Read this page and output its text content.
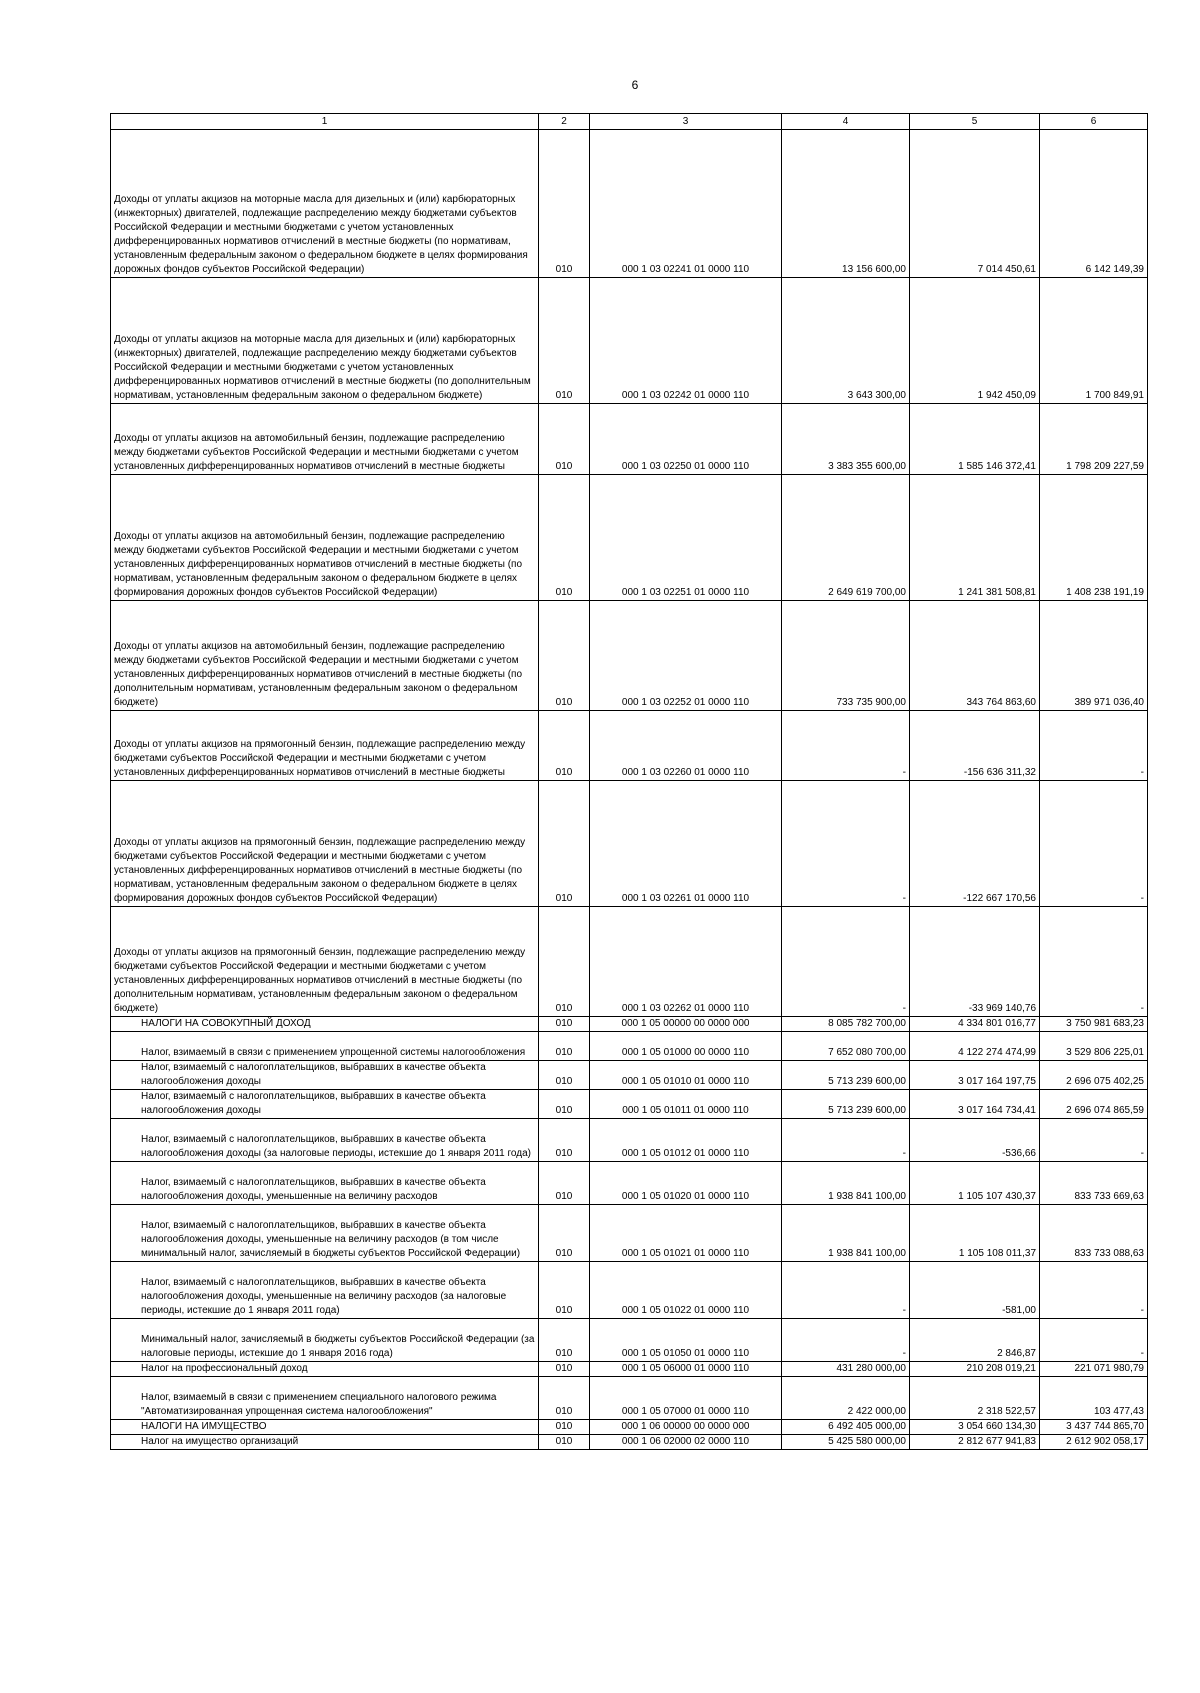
6
1	2	3	4	5	6
Доходы от уплаты акцизов на моторные масла для дизельных и (или) карбюраторных (инжекторных) двигателей, подлежащие распределению между бюджетами субъектов Российской Федерации и местными бюджетами с учетом установленных дифференцированных нормативов отчислений в местные бюджеты (по нормативам, установленным федеральным законом о федеральном бюджете в целях формирования дорожных фондов субъектов Российской Федерации)	010	000 1 03 02241 01 0000 110	13 156 600,00	7 014 450,61	6 142 149,39
Доходы от уплаты акцизов на моторные масла для дизельных и (или) карбюраторных (инжекторных) двигателей, подлежащие распределению между бюджетами субъектов Российской Федерации и местными бюджетами с учетом установленных дифференцированных нормативов отчислений в местные бюджеты (по дополнительным нормативам, установленным федеральным законом о федеральном бюджете)	010	000 1 03 02242 01 0000 110	3 643 300,00	1 942 450,09	1 700 849,91
Доходы от уплаты акцизов на автомобильный бензин, подлежащие распределению между бюджетами субъектов Российской Федерации и местными бюджетами с учетом установленных дифференцированных нормативов отчислений в местные бюджеты	010	000 1 03 02250 01 0000 110	3 383 355 600,00	1 585 146 372,41	1 798 209 227,59
Доходы от уплаты акцизов на автомобильный бензин, подлежащие распределению между бюджетами субъектов Российской Федерации и местными бюджетами с учетом установленных дифференцированных нормативов отчислений в местные бюджеты (по нормативам, установленным федеральным законом о федеральном бюджете в целях формирования дорожных фондов субъектов Российской Федерации)	010	000 1 03 02251 01 0000 110	2 649 619 700,00	1 241 381 508,81	1 408 238 191,19
Доходы от уплаты акцизов на автомобильный бензин, подлежащие распределению между бюджетами субъектов Российской Федерации и местными бюджетами с учетом установленных дифференцированных нормативов отчислений в местные бюджеты (по дополнительным нормативам, установленным федеральным законом о федеральном бюджете)	010	000 1 03 02252 01 0000 110	733 735 900,00	343 764 863,60	389 971 036,40
Доходы от уплаты акцизов на прямогонный бензин, подлежащие распределению между бюджетами субъектов Российской Федерации и местными бюджетами с учетом установленных дифференцированных нормативов отчислений в местные бюджеты	010	000 1 03 02260 01 0000 110	-	-156 636 311,32	-
Доходы от уплаты акцизов на прямогонный бензин, подлежащие распределению между бюджетами субъектов Российской Федерации и местными бюджетами с учетом установленных дифференцированных нормативов отчислений в местные бюджеты (по нормативам, установленным федеральным законом о федеральном бюджете в целях формирования дорожных фондов субъектов Российской Федерации)	010	000 1 03 02261 01 0000 110	-	-122 667 170,56	-
Доходы от уплаты акцизов на прямогонный бензин, подлежащие распределению между бюджетами субъектов Российской Федерации и местными бюджетами с учетом установленных дифференцированных нормативов отчислений в местные бюджеты (по дополнительным нормативам, установленным федеральным законом о федеральном бюджете)	010	000 1 03 02262 01 0000 110	-	-33 969 140,76	-
НАЛОГИ НА СОВОКУПНЫЙ ДОХОД	010	000 1 05 00000 00 0000 000	8 085 782 700,00	4 334 801 016,77	3 750 981 683,23
Налог, взимаемый в связи с применением упрощенной системы налогообложения	010	000 1 05 01000 00 0000 110	7 652 080 700,00	4 122 274 474,99	3 529 806 225,01
Налог, взимаемый с налогоплательщиков, выбравших в качестве объекта налогообложения доходы	010	000 1 05 01010 01 0000 110	5 713 239 600,00	3 017 164 197,75	2 696 075 402,25
Налог, взимаемый с налогоплательщиков, выбравших в качестве объекта налогообложения доходы	010	000 1 05 01011 01 0000 110	5 713 239 600,00	3 017 164 734,41	2 696 074 865,59
Налог, взимаемый с налогоплательщиков, выбравших в качестве объекта налогообложения доходы (за налоговые периоды, истекшие до 1 января 2011 года)	010	000 1 05 01012 01 0000 110	-	-536,66	-
Налог, взимаемый с налогоплательщиков, выбравших в качестве объекта налогообложения доходы, уменьшенные на величину расходов	010	000 1 05 01020 01 0000 110	1 938 841 100,00	1 105 107 430,37	833 733 669,63
Налог, взимаемый с налогоплательщиков, выбравших в качестве объекта налогообложения доходы, уменьшенные на величину расходов (в том числе минимальный налог, зачисляемый в бюджеты субъектов Российской Федерации)	010	000 1 05 01021 01 0000 110	1 938 841 100,00	1 105 108 011,37	833 733 088,63
Налог, взимаемый с налогоплательщиков, выбравших в качестве объекта налогообложения доходы, уменьшенные на величину расходов (за налоговые периоды, истекшие до 1 января 2011 года)	010	000 1 05 01022 01 0000 110	-	-581,00	-
Минимальный налог, зачисляемый в бюджеты субъектов Российской Федерации (за налоговые периоды, истекшие до 1 января 2016 года)	010	000 1 05 01050 01 0000 110	-	2 846,87	-
Налог на профессиональный доход	010	000 1 05 06000 01 0000 110	431 280 000,00	210 208 019,21	221 071 980,79
Налог, взимаемый в связи с применением специального налогового режима "Автоматизированная упрощенная система налогообложения"	010	000 1 05 07000 01 0000 110	2 422 000,00	2 318 522,57	103 477,43
НАЛОГИ НА ИМУЩЕСТВО	010	000 1 06 00000 00 0000 000	6 492 405 000,00	3 054 660 134,30	3 437 744 865,70
Налог на имущество организаций	010	000 1 06 02000 02 0000 110	5 425 580 000,00	2 812 677 941,83	2 612 902 058,17
